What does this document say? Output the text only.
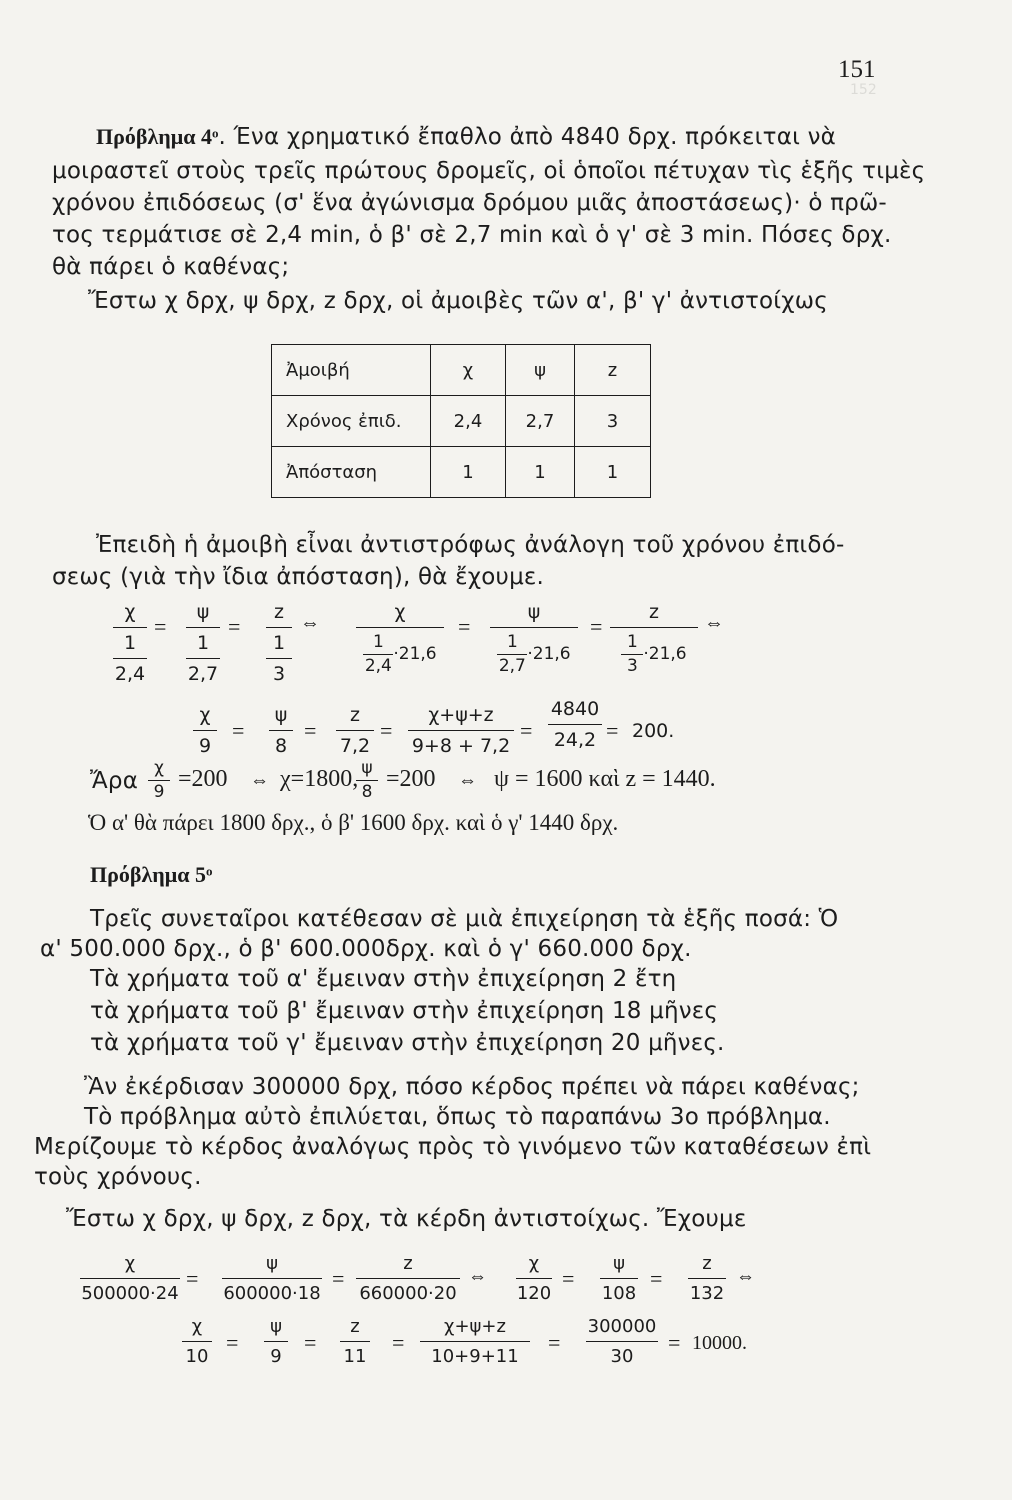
152
151
Πρόβλημα $4^o$. Ένα χρηματικό ἔπαθλο ἀπὸ 4840 δρχ. πρόκειται νὰ
μοιραστεῖ στοὺς τρεῖς πρώτους δρομεῖς, οἱ ὁποῖοι πέτυχαν τὶς ἑξῆς τιμὲς
χρόνου ἐπιδόσεως (σ' ἕνα ἀγώνισμα δρόμου μιᾶς ἀποστάσεως)· ὁ πρῶ-
τος τερμάτισε σὲ 2,4 min, ὁ β' σὲ 2,7 min καὶ ὁ γ' σὲ 3 min. Πόσες δρχ.
θὰ πάρει ὁ καθένας;
Ἔστω χ δρχ, ψ δρχ, z δρχ, οἱ ἀμοιβὲς τῶν α', β' γ' ἀντιστοίχως
Ἀμοιβή	χ	ψ	z
Χρόνος ἐπιδ.	2,4	2,7	3
Ἀπόσταση	1	1	1
Ἐπειδὴ ἡ ἀμοιβὴ εἶναι ἀντιστρόφως ἀνάλογη τοῦ χρόνου ἐπιδό-
σεως (γιὰ τὴν ἴδια ἀπόσταση), θὰ ἔχουμε.
χ
$\frac{1}{2,4}$
=
ψ
$\frac{1}{2,7}$
=
z
$\frac{1}{3}$
⇔	χ
$\frac{1}{2,4} \cdot 21,6$
=
ψ
$\frac{1}{2,7} \cdot 21,6$
=
z
$\frac{1}{3} \cdot 21,6$
⇔
χ
9
=
ψ
8
=
z
7,2
=
χ+ψ+z
9+8 + 7,2
=
4840
24,2 = 200.
Ἄρα χ
9 =200 ⇔ χ=1800, ψ
8 =200 ⇔ ψ = 1600 καὶ z = 1440.
Ὁ α' θὰ πάρει 1800 δρχ., ὁ β' 1600 δρχ. καὶ ὁ γ' 1440 δρχ.
Πρόβλημα $5^o$
Τρεῖς συνεταῖροι κατέθεσαν σὲ μιὰ ἐπιχείρηση τὰ ἑξῆς ποσά: Ὁ
α' 500.000 δρχ., ὁ β' 600.000δρχ. καὶ ὁ γ' 660.000 δρχ.
Τὰ χρήματα τοῦ α' ἔμειναν στὴν ἐπιχείρηση 2 ἔτη
τὰ χρήματα τοῦ β' ἔμειναν στὴν ἐπιχείρηση 18 μῆνες
τὰ χρήματα τοῦ γ' ἔμειναν στὴν ἐπιχείρηση 20 μῆνες.
Ἂν ἐκέρδισαν 300000 δρχ, πόσο κέρδος πρέπει νὰ πάρει καθένας;
Τὸ πρόβλημα αὐτὸ ἐπιλύεται, ὅπως τὸ παραπάνω 3ο πρόβλημα.
Μερίζουμε τὸ κέρδος ἀναλόγως πρὸς τὸ γινόμενο τῶν καταθέσεων ἐπὶ
τοὺς χρόνους.
Ἔστω χ δρχ, ψ δρχ, z δρχ, τὰ κέρδη ἀντιστοίχως. Ἔχουμε
χ
500000·24
=
ψ
600000·18
=
z
660000·20
⇔
χ
120
=
ψ
108
=
z
132
⇔
χ
10
=
ψ
9
=
z
11
=
χ+ψ+z
10+9+11
=
300000
30
= 10000.
